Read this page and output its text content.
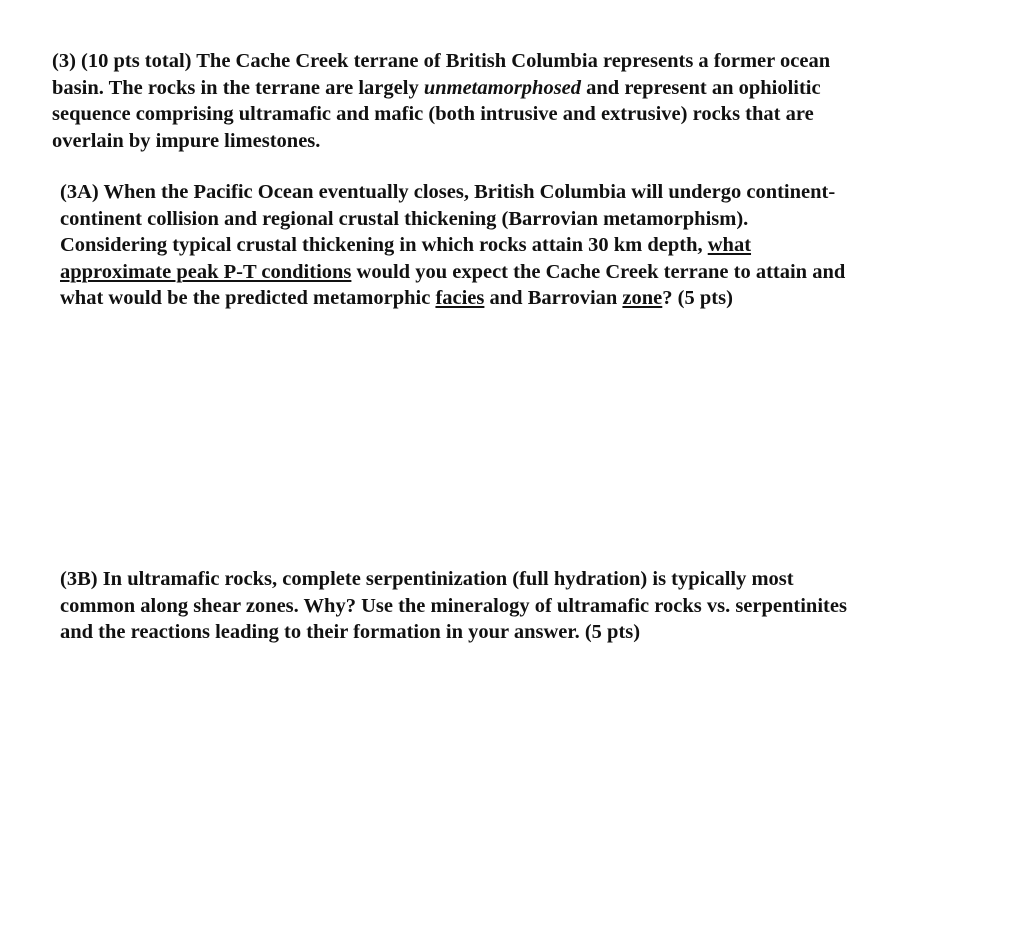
(3) (10 pts total) The Cache Creek terrane of British Columbia represents a former ocean
basin. The rocks in the terrane are largely unmetamorphosed and represent an ophiolitic
sequence comprising ultramafic and mafic (both intrusive and extrusive) rocks that are
overlain by impure limestones.
(3A) When the Pacific Ocean eventually closes, British Columbia will undergo continent-
continent collision and regional crustal thickening (Barrovian metamorphism).
Considering typical crustal thickening in which rocks attain 30 km depth, what
approximate peak P-T conditions would you expect the Cache Creek terrane to attain and
what would be the predicted metamorphic facies and Barrovian zone? (5 pts)
(3B) In ultramafic rocks, complete serpentinization (full hydration) is typically most
common along shear zones. Why? Use the mineralogy of ultramafic rocks vs. serpentinites
and the reactions leading to their formation in your answer. (5 pts)
